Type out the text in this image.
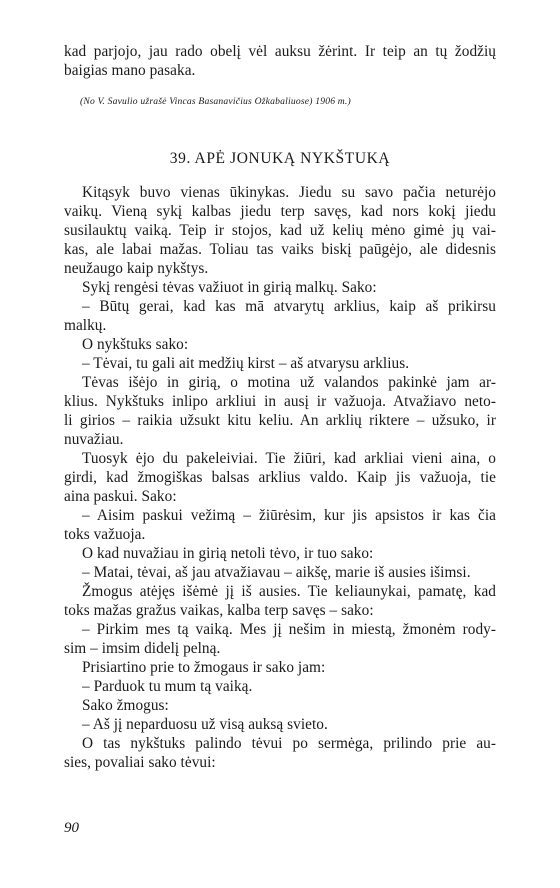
kad parjojo, jau rado obelį vėl auksu žėrint. Ir teip an tų žodžių
baigias mano pasaka.
(No V. Savulio užrašė Vincas Basanavičius Ožkabaliuose) 1906 m.)
39. APĖ JONUKĄ NYKŠTUKĄ
Kitąsyk buvo vienas ūkinykas. Jiedu su savo pačia neturėjo
vaikų. Vieną sykį kalbas jiedu terp savęs, kad nors kokį jiedu
susilauktų vaiką. Teip ir stojos, kad už kelių mėno gimė jų vai-
kas, ale labai mažas. Toliau tas vaiks biskį paūgėjo, ale didesnis
neužaugo kaip nykštys.
Sykį rengėsi tėvas važiuot in girią malkų. Sako:
– Būtų gerai, kad kas mā atvarytų arklius, kaip aš prikirsu
malkų.
O nykštuks sako:
– Tėvai, tu gali ait medžių kirst – aš atvarysu arklius.
Tėvas išėjo in girią, o motina už valandos pakinkė jam ar-
klius. Nykštuks inlipo arkliui in ausį ir važuoja. Atvažiavo neto-
li girios – raikia užsukt kitu keliu. An arklių riktere – užsuko, ir
nuvažiau.
Tuosyk ėjo du pakeleiviai. Tie žiūri, kad arkliai vieni aina, o
girdi, kad žmogiškas balsas arklius valdo. Kaip jis važuoja, tie
aina paskui. Sako:
– Aisim paskui vežimą – žiūrėsim, kur jis apsistos ir kas čia
toks važuoja.
O kad nuvažiau in girią netoli tėvo, ir tuo sako:
– Matai, tėvai, aš jau atvažiavau – aikšę, marie iš ausies išimsi.
Žmogus atėjęs išėmė jį iš ausies. Tie keliaunykai, pamatę, kad
toks mažas gražus vaikas, kalba terp savęs – sako:
– Pirkim mes tą vaiką. Mes jį nešim in miestą, žmonėm rody-
sim – imsim didelį pelną.
Prisiartino prie to žmogaus ir sako jam:
– Parduok tu mum tą vaiką.
Sako žmogus:
– Aš jį neparduosu už visą auksą svieto.
O tas nykštuks palindo tėvui po sermėga, prilindo prie au-
sies, povaliai sako tėvui:
90
